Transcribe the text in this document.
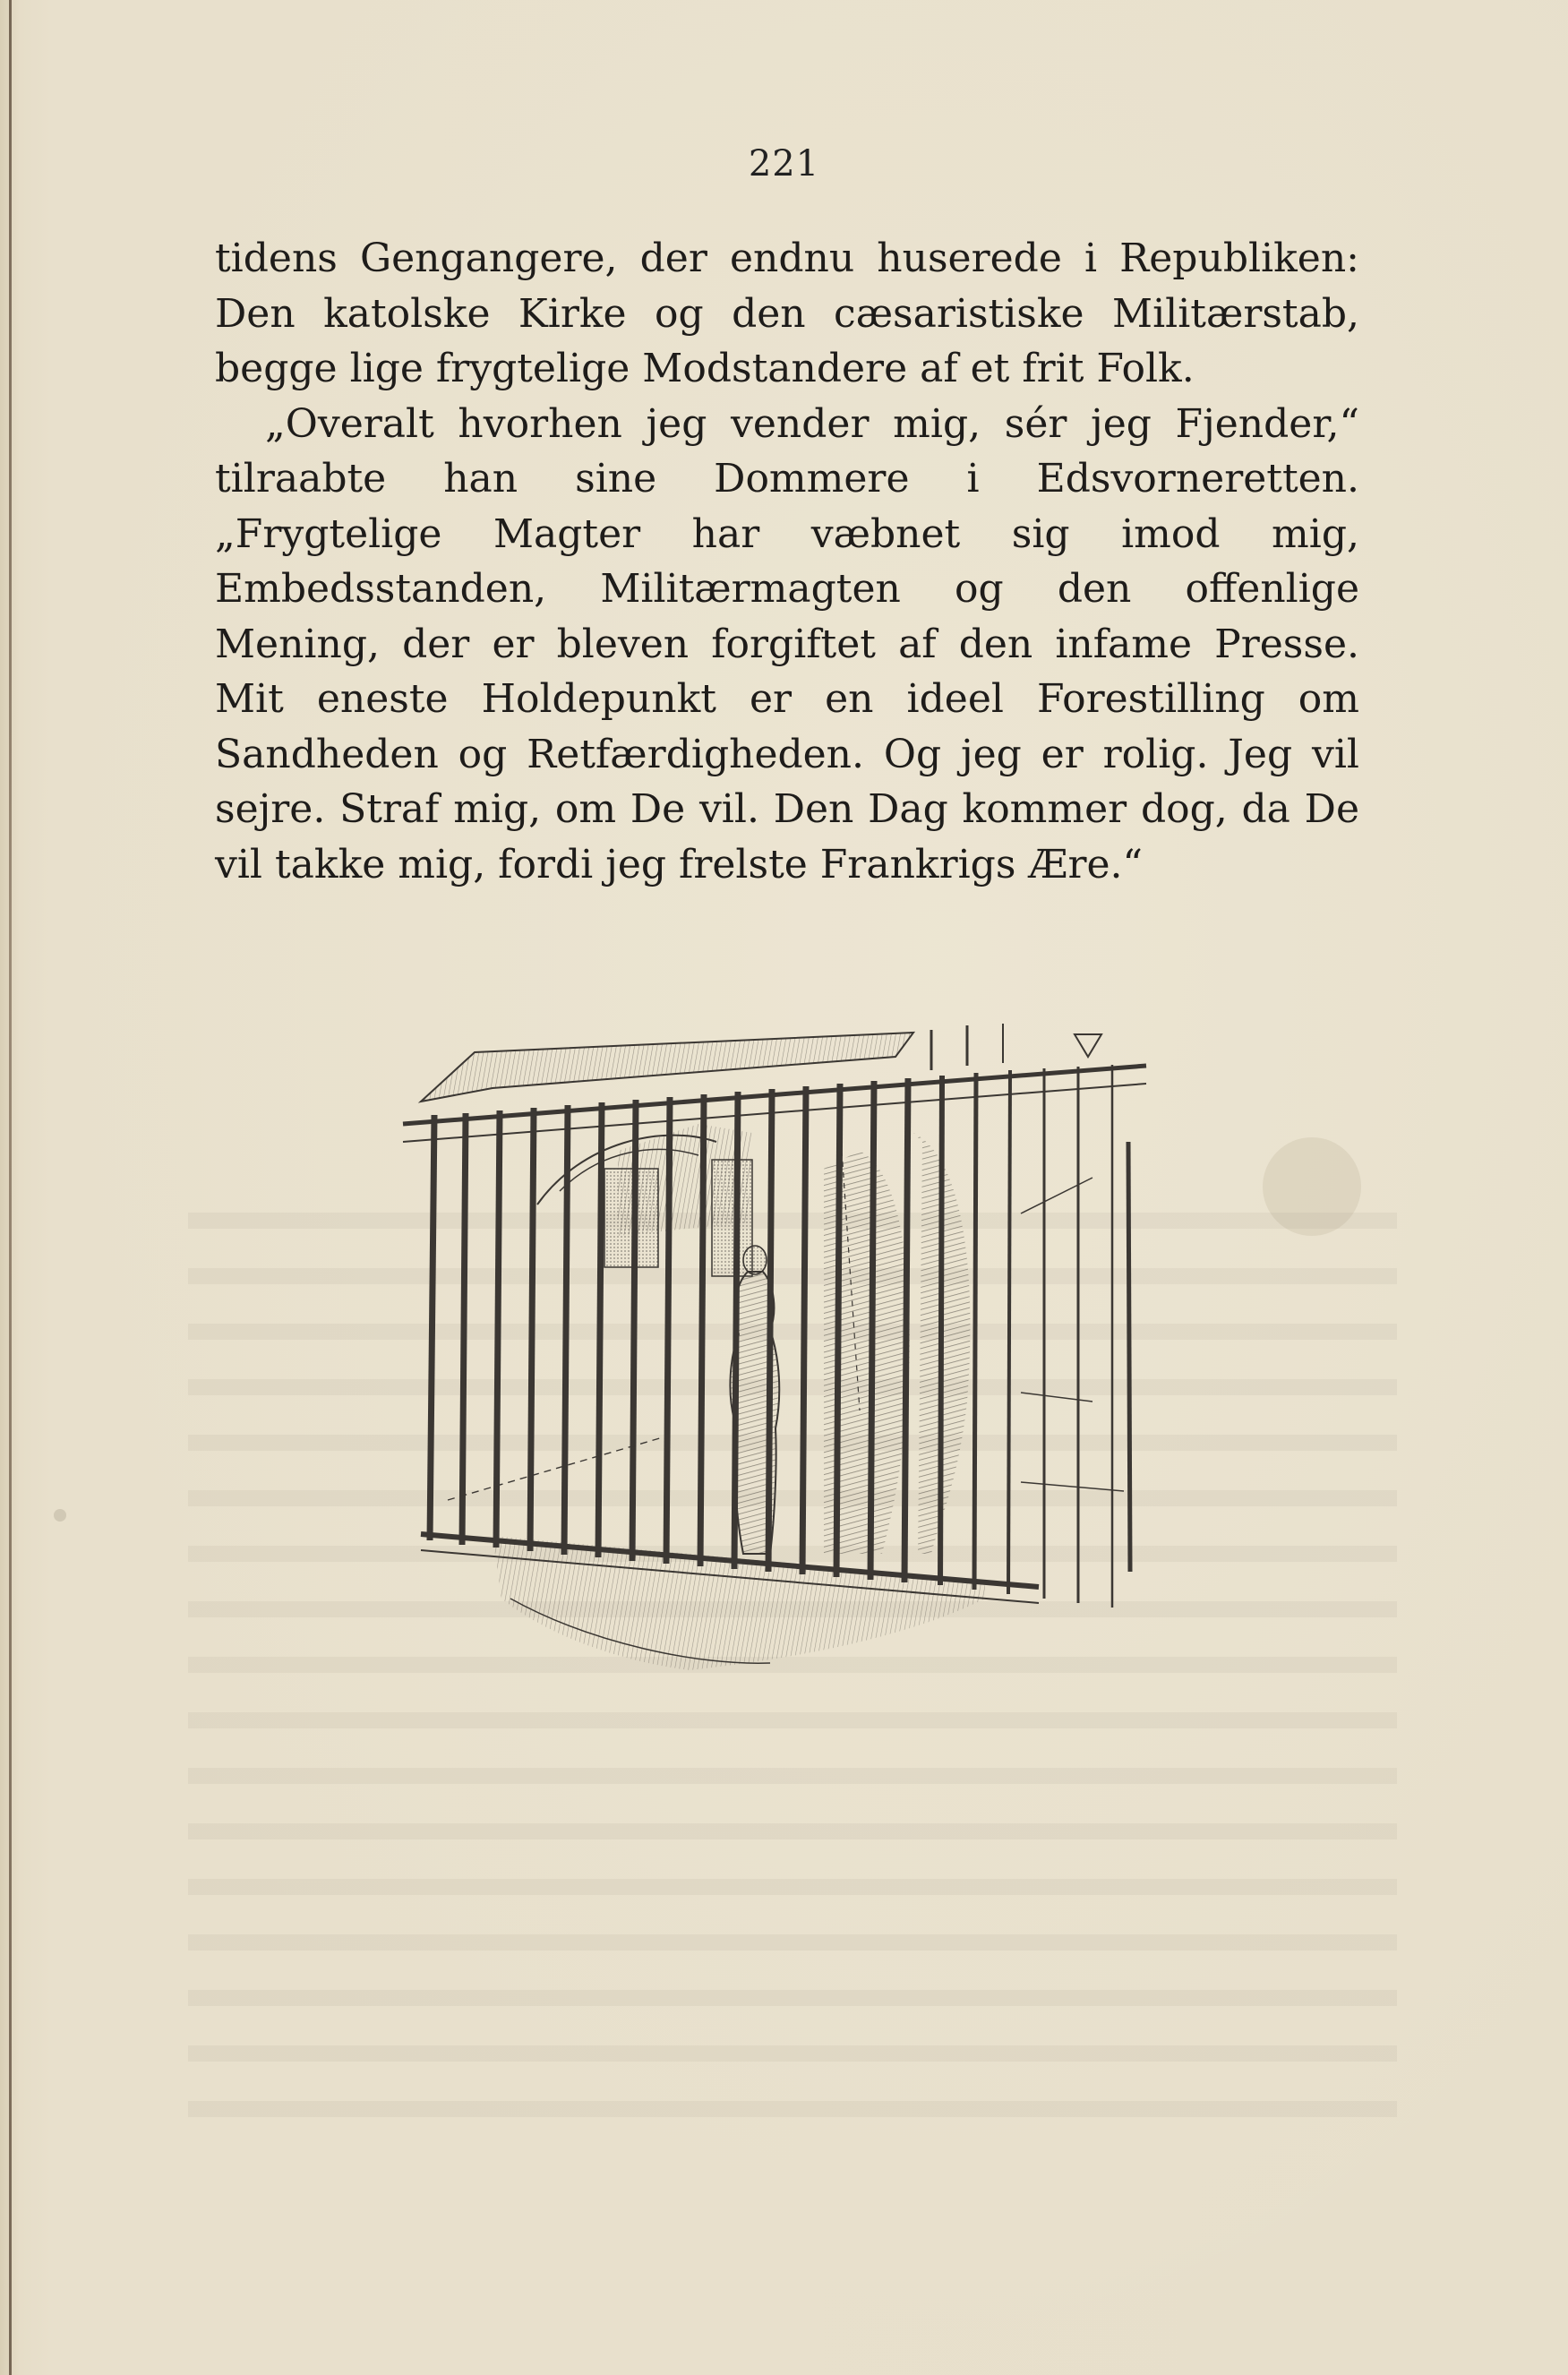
221

tidens Gengangere, der endnu huserede i Republiken: Den katolske Kirke og den cæsaristiske Militærstab, begge lige frygtelige Modstandere af et frit Folk.

„Overalt hvorhen jeg vender mig, sér jeg Fjender,“ tilraabte han sine Dommere i Edsvorneretten. „Frygtelige Magter har væbnet sig imod mig, Embedsstanden, Militærmagten og den offenlige Mening, der er bleven forgiftet af den infame Presse. Mit eneste Holdepunkt er en ideel Forestilling om Sandheden og Retfærdigheden. Og jeg er rolig. Jeg vil sejre. Straf mig, om De vil. Den Dag kommer dog, da De vil takke mig, fordi jeg frelste Frankrigs Ære.“
